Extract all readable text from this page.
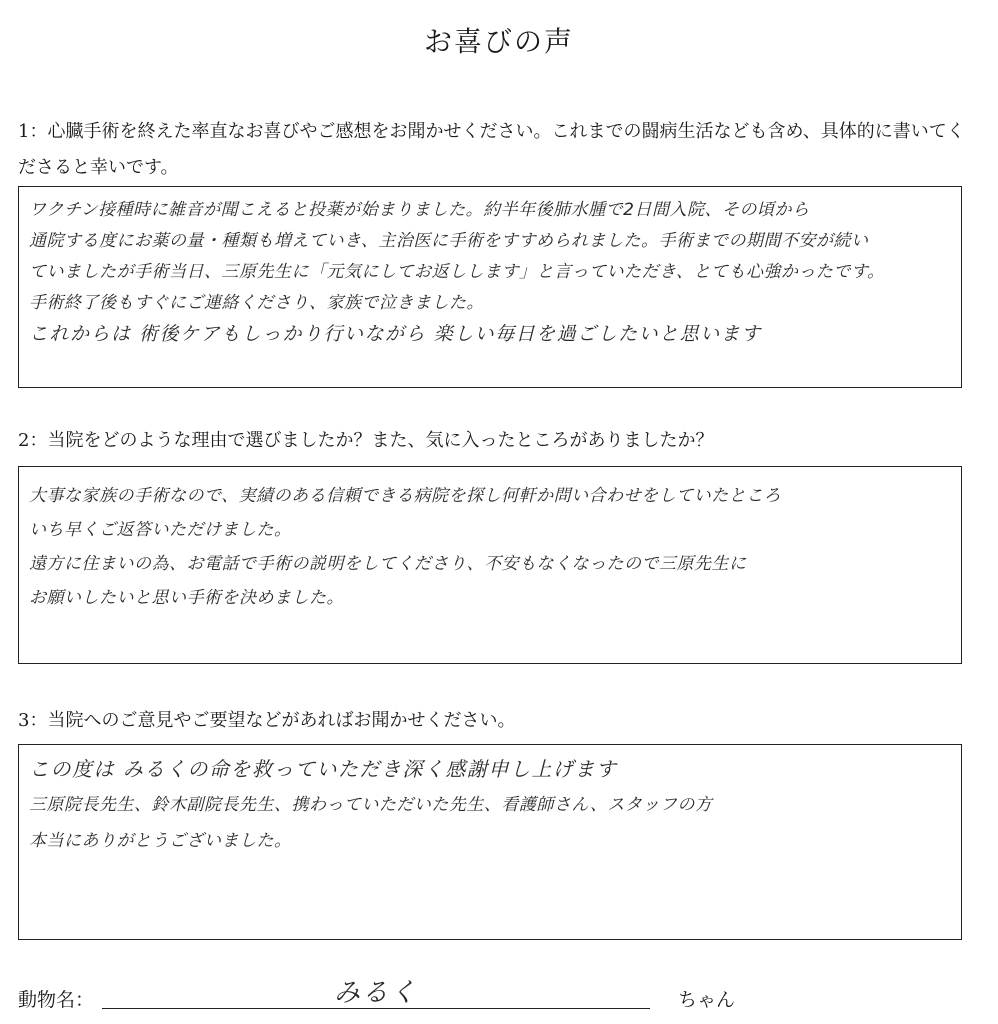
お喜びの声
1：心臓手術を終えた率直なお喜びやご感想をお聞かせください。これまでの闘病生活なども含め、具体的に書いてくださると幸いです。
ワクチン接種時に雑音が聞こえると投薬が始まりました。約半年後肺水腫で2日間入院、その頃から
通院する度にお薬の量・種類も増えていき、主治医に手術をすすめられました。手術までの期間不安が続い
ていましたが手術当日、三原先生に「元気にしてお返しします」と言っていただき、とても心強かったです。
手術終了後もすぐにご連絡くださり、家族で泣きました。
これからは 術後ケアもしっかり行いながら 楽しい毎日を過ごしたいと思います
2：当院をどのような理由で選びましたか？また、気に入ったところがありましたか？
大事な家族の手術なので、実績のある信頼できる病院を探し何軒か問い合わせをしていたところ
いち早くご返答いただけました。
遠方に住まいの為、お電話で手術の説明をしてくださり、不安もなくなったので三原先生に
お願いしたいと思い手術を決めました。
3：当院へのご意見やご要望などがあればお聞かせください。
この度は みるくの命を救っていただき深く感謝申し上げます
三原院長先生、鈴木副院長先生、携わっていただいた先生、看護師さん、スタッフの方
本当にありがとうございました。
動物名：	みるく	ちゃん
